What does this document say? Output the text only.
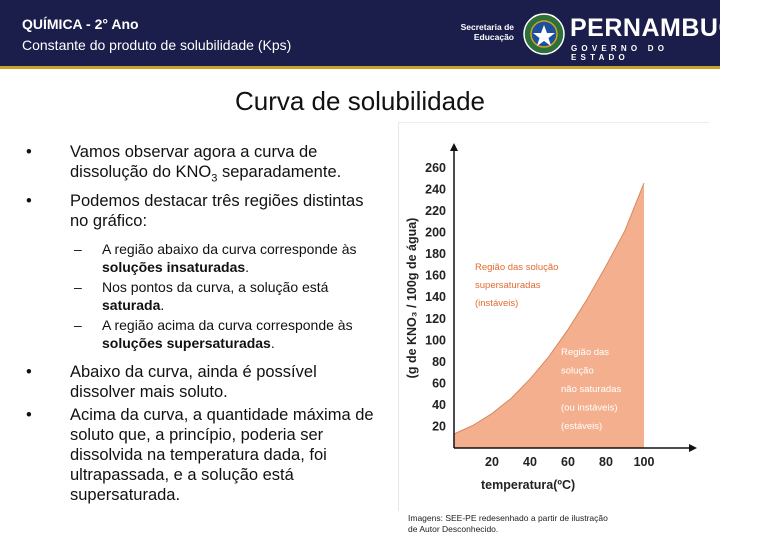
QUÍMICA - 2° Ano
Constante do produto de solubilidade (Kps)
Secretaria de
Educação PERNAMBUCO
GOVERNO DO ESTADO
Curva de solubilidade
• Vamos observar agora a curva de dissolução do $KNO_3$ separadamente.
• Podemos destacar três regiões distintas no gráfico:
– A região abaixo da curva corresponde às soluções insaturadas.
– Nos pontos da curva, a solução está saturada.
– A região acima da curva corresponde às soluções supersaturadas.
• Abaixo da curva, ainda é possível dissolver mais soluto.
• Acima da curva, a quantidade máxima de soluto que, a princípio, poderia ser dissolvida na temperatura dada, foi ultrapassada, e a solução está supersaturada.
20
40
60
80
100
120
140
160
180
200
220
240
260
20 40 60 80 100
temperatura(ºC)
(g de KNO₃ / 100g de água)	Região das solução
supersaturadas
(instáveis)
Região das
solução
não saturadas
(ou instáveis)
(estáveis)
Imagens: SEE-PE redesenhado a partir de ilustração
de Autor Desconhecido.
